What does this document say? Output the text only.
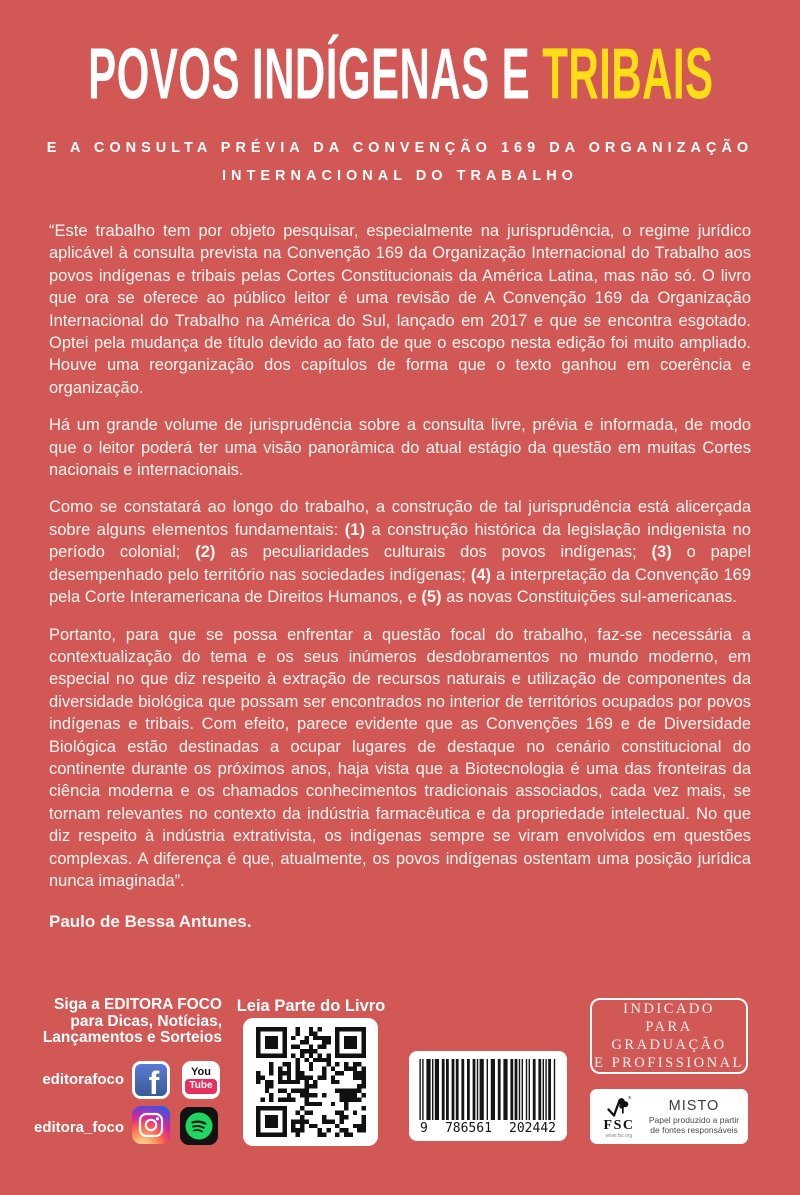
POVOS INDÍGENAS E TRIBAIS
E A CONSULTA PRÉVIA DA CONVENÇÃO 169 DA ORGANIZAÇÃO
INTERNACIONAL DO TRABALHO

“Este trabalho tem por objeto pesquisar, especialmente na jurisprudência, o regime jurídico aplicável à consulta prevista na Convenção 169 da Organização Internacional do Trabalho aos povos indígenas e tribais pelas Cortes Constitucionais da América Latina, mas não só. O livro que ora se oferece ao público leitor é uma revisão de A Convenção 169 da Organização Internacional do Trabalho na América do Sul, lançado em 2017 e que se encontra esgotado. Optei pela mudança de título devido ao fato de que o escopo nesta edição foi muito ampliado. Houve uma reorganização dos capítulos de forma que o texto ganhou em coerência e organização.

Há um grande volume de jurisprudência sobre a consulta livre, prévia e informada, de modo que o leitor poderá ter uma visão panorâmica do atual estágio da questão em muitas Cortes nacionais e internacionais.

Como se constatará ao longo do trabalho, a construção de tal jurisprudência está alicerçada sobre alguns elementos fundamentais: (1) a construção histórica da legislação indigenista no período colonial; (2) as peculiaridades culturais dos povos indígenas; (3) o papel desempenhado pelo território nas sociedades indígenas; (4) a interpretação da Convenção 169 pela Corte Interamericana de Direitos Humanos, e (5) as novas Constituições sul-americanas.

Portanto, para que se possa enfrentar a questão focal do trabalho, faz-se necessária a contextualização do tema e os seus inúmeros desdobramentos no mundo moderno, em especial no que diz respeito à extração de recursos naturais e utilização de componentes da diversidade biológica que possam ser encontrados no interior de territórios ocupados por povos indígenas e tribais. Com efeito, parece evidente que as Convenções 169 e de Diversidade Biológica estão destinadas a ocupar lugares de destaque no cenário constitucional do continente durante os próximos anos, haja vista que a Biotecnologia é uma das fronteiras da ciência moderna e os chamados conhecimentos tradicionais associados, cada vez mais, se tornam relevantes no contexto da indústria farmacêutica e da propriedade intelectual. No que diz respeito à indústria extrativista, os indígenas sempre se viram envolvidos em questões complexas. A diferença é que, atualmente, os povos indígenas ostentam uma posição jurídica nunca imaginada”.

Paulo de Bessa Antunes.
Siga a EDITORA FOCO
para Dicas, Notícias,
Lançamentos e Sorteios
editorafoco f	You
Tube
editora_foco
Leia Parte do Livro
9 786561 202442
INDICADO
PARA GRADUAÇÃO
E PROFISSIONAL
®
FSC
www.fsc.org
MISTO
Papel produzido a partir de fontes responsáveis
